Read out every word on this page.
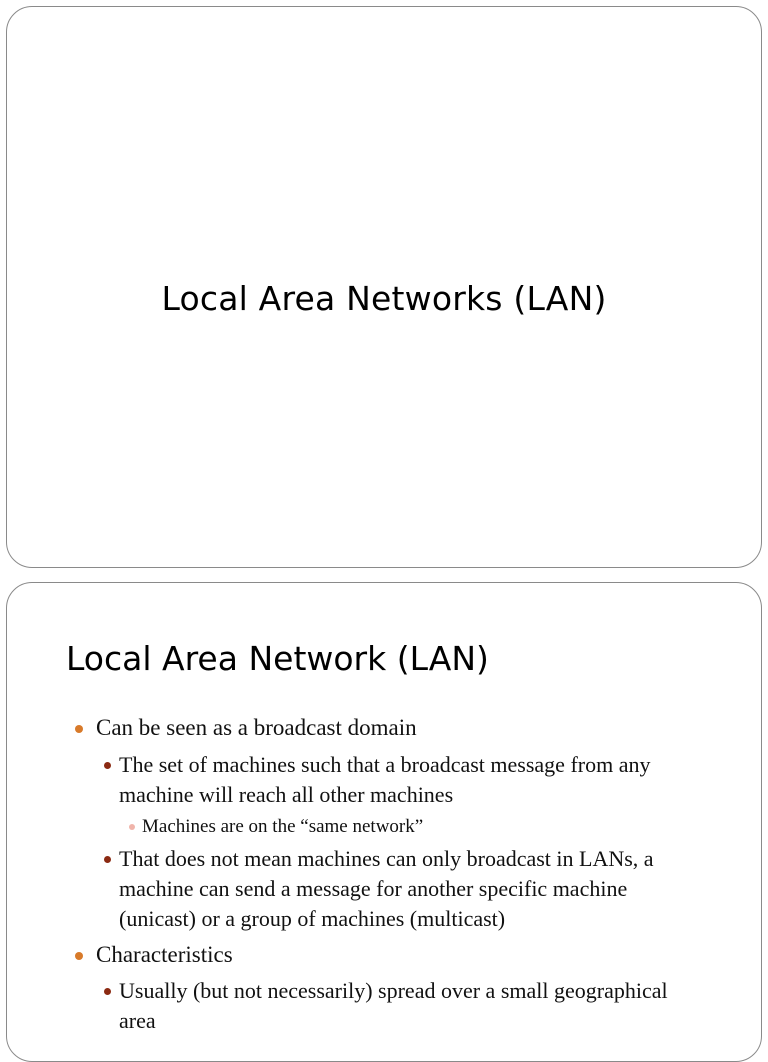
Local Area Networks (LAN)
Local Area Network (LAN)
Can be seen as a broadcast domain
The set of machines such that a broadcast message from any machine will reach all other machines
Machines are on the “same network”
That does not mean machines can only broadcast in LANs, a machine can send a message for another specific machine (unicast) or a group of machines (multicast)
Characteristics
Usually (but not necessarily) spread over a small geographical area
